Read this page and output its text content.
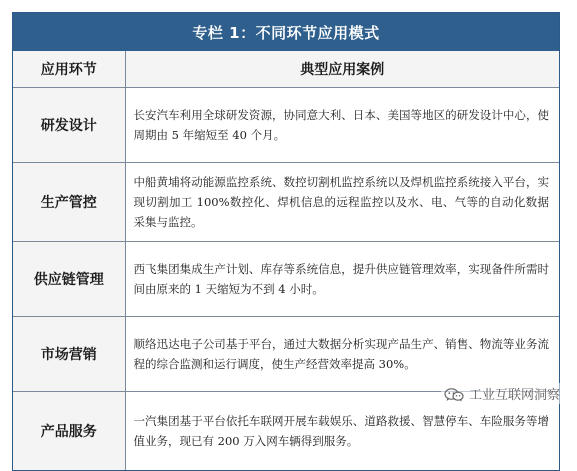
专栏 1：不同环节应用模式
应用环节	典型应用案例
研发设计	长安汽车利用全球研发资源，协同意大利、日本、美国等地区的研发设计中心，使周期由 5 年缩短至 40 个月。
生产管控	中船黄埔将动能源监控系统、数控切割机监控系统以及焊机监控系统接入平台，实现切割加工 100%数控化、焊机信息的远程监控以及水、电、气等的自动化数据采集与监控。
供应链管理	西飞集团集成生产计划、库存等系统信息，提升供应链管理效率，实现备件所需时间由原来的 1 天缩短为不到 4 小时。
市场营销	顺络迅达电子公司基于平台，通过大数据分析实现产品生产、销售、物流等业务流程的综合监测和运行调度，使生产经营效率提高 30%。
产品服务	一汽集团基于平台依托车联网开展车载娱乐、道路救援、智慧停车、车险服务等增值业务，现已有 200 万入网车辆得到服务。
工业互联网洞察
